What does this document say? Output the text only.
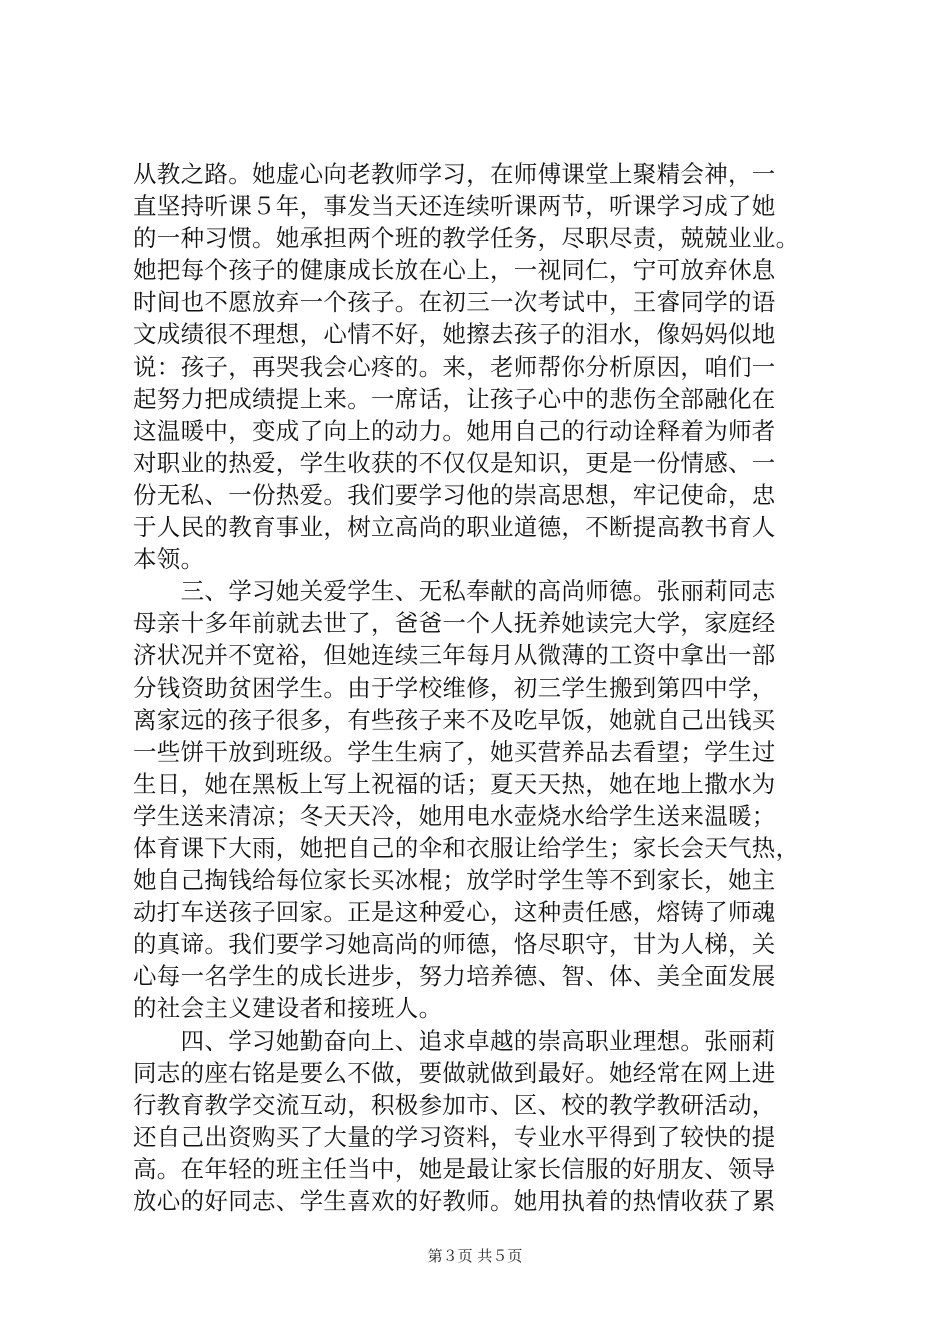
从教之路。她虚心向老教师学习，在师傅课堂上聚精会神，一
直坚持听课５年，事发当天还连续听课两节，听课学习成了她
的一种习惯。她承担两个班的教学任务，尽职尽责，兢兢业业。
她把每个孩子的健康成长放在心上，一视同仁，宁可放弃休息
时间也不愿放弃一个孩子。在初三一次考试中，王睿同学的语
文成绩很不理想，心情不好，她擦去孩子的泪水，像妈妈似地
说：孩子，再哭我会心疼的。来，老师帮你分析原因，咱们一
起努力把成绩提上来。一席话，让孩子心中的悲伤全部融化在
这温暖中，变成了向上的动力。她用自己的行动诠释着为师者
对职业的热爱，学生收获的不仅仅是知识，更是一份情感、一
份无私、一份热爱。我们要学习他的崇高思想，牢记使命，忠
于人民的教育事业，树立高尚的职业道德，不断提高教书育人
本领。
　　三、学习她关爱学生、无私奉献的高尚师德。张丽莉同志
母亲十多年前就去世了，爸爸一个人抚养她读完大学，家庭经
济状况并不宽裕，但她连续三年每月从微薄的工资中拿出一部
分钱资助贫困学生。由于学校维修，初三学生搬到第四中学，
离家远的孩子很多，有些孩子来不及吃早饭，她就自己出钱买
一些饼干放到班级。学生生病了，她买营养品去看望；学生过
生日，她在黑板上写上祝福的话；夏天天热，她在地上撒水为
学生送来清凉；冬天天冷，她用电水壶烧水给学生送来温暖；
体育课下大雨，她把自己的伞和衣服让给学生；家长会天气热，
她自己掏钱给每位家长买冰棍；放学时学生等不到家长，她主
动打车送孩子回家。正是这种爱心，这种责任感，熔铸了师魂
的真谛。我们要学习她高尚的师德，恪尽职守，甘为人梯，关
心每一名学生的成长进步，努力培养德、智、体、美全面发展
的社会主义建设者和接班人。
　　四、学习她勤奋向上、追求卓越的崇高职业理想。张丽莉
同志的座右铭是要么不做，要做就做到最好。她经常在网上进
行教育教学交流互动，积极参加市、区、校的教学教研活动，
还自己出资购买了大量的学习资料，专业水平得到了较快的提
高。在年轻的班主任当中，她是最让家长信服的好朋友、领导
放心的好同志、学生喜欢的好教师。她用执着的热情收获了累
第３页 共５页
